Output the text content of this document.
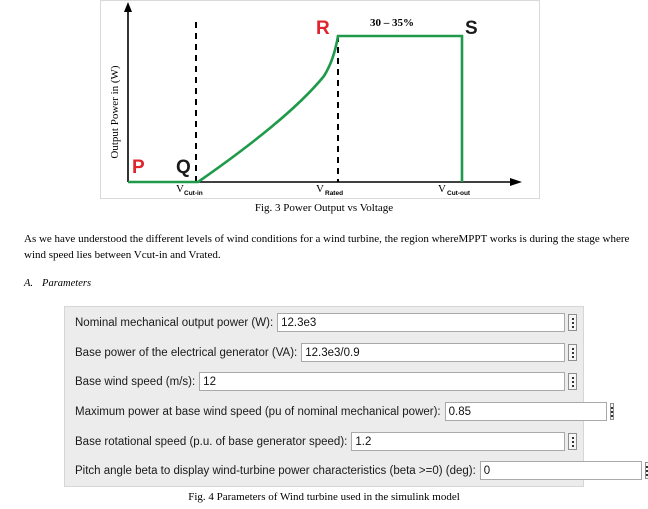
Output Power in (W)
P Q
R	S
30 – 35%
V Cut-in	V Rated	V Cut-out
Fig. 3 Power Output vs Voltage

As we have understood the different levels of wind conditions for a wind turbine, the region whereMPPT works is during the stage where wind speed lies between Vcut-in and Vrated.

A. Parameters
Nominal mechanical output power (W):
12.3e3
Base power of the electrical generator (VA):
12.3e3/0.9
Base wind speed (m/s):
12
Maximum power at base wind speed (pu of nominal mechanical power):
0.85
Base rotational speed (p.u. of base generator speed):
1.2
Pitch angle beta to display wind-turbine power characteristics (beta >=0) (deg):
0
Fig. 4 Parameters of Wind turbine used in the simulink model
